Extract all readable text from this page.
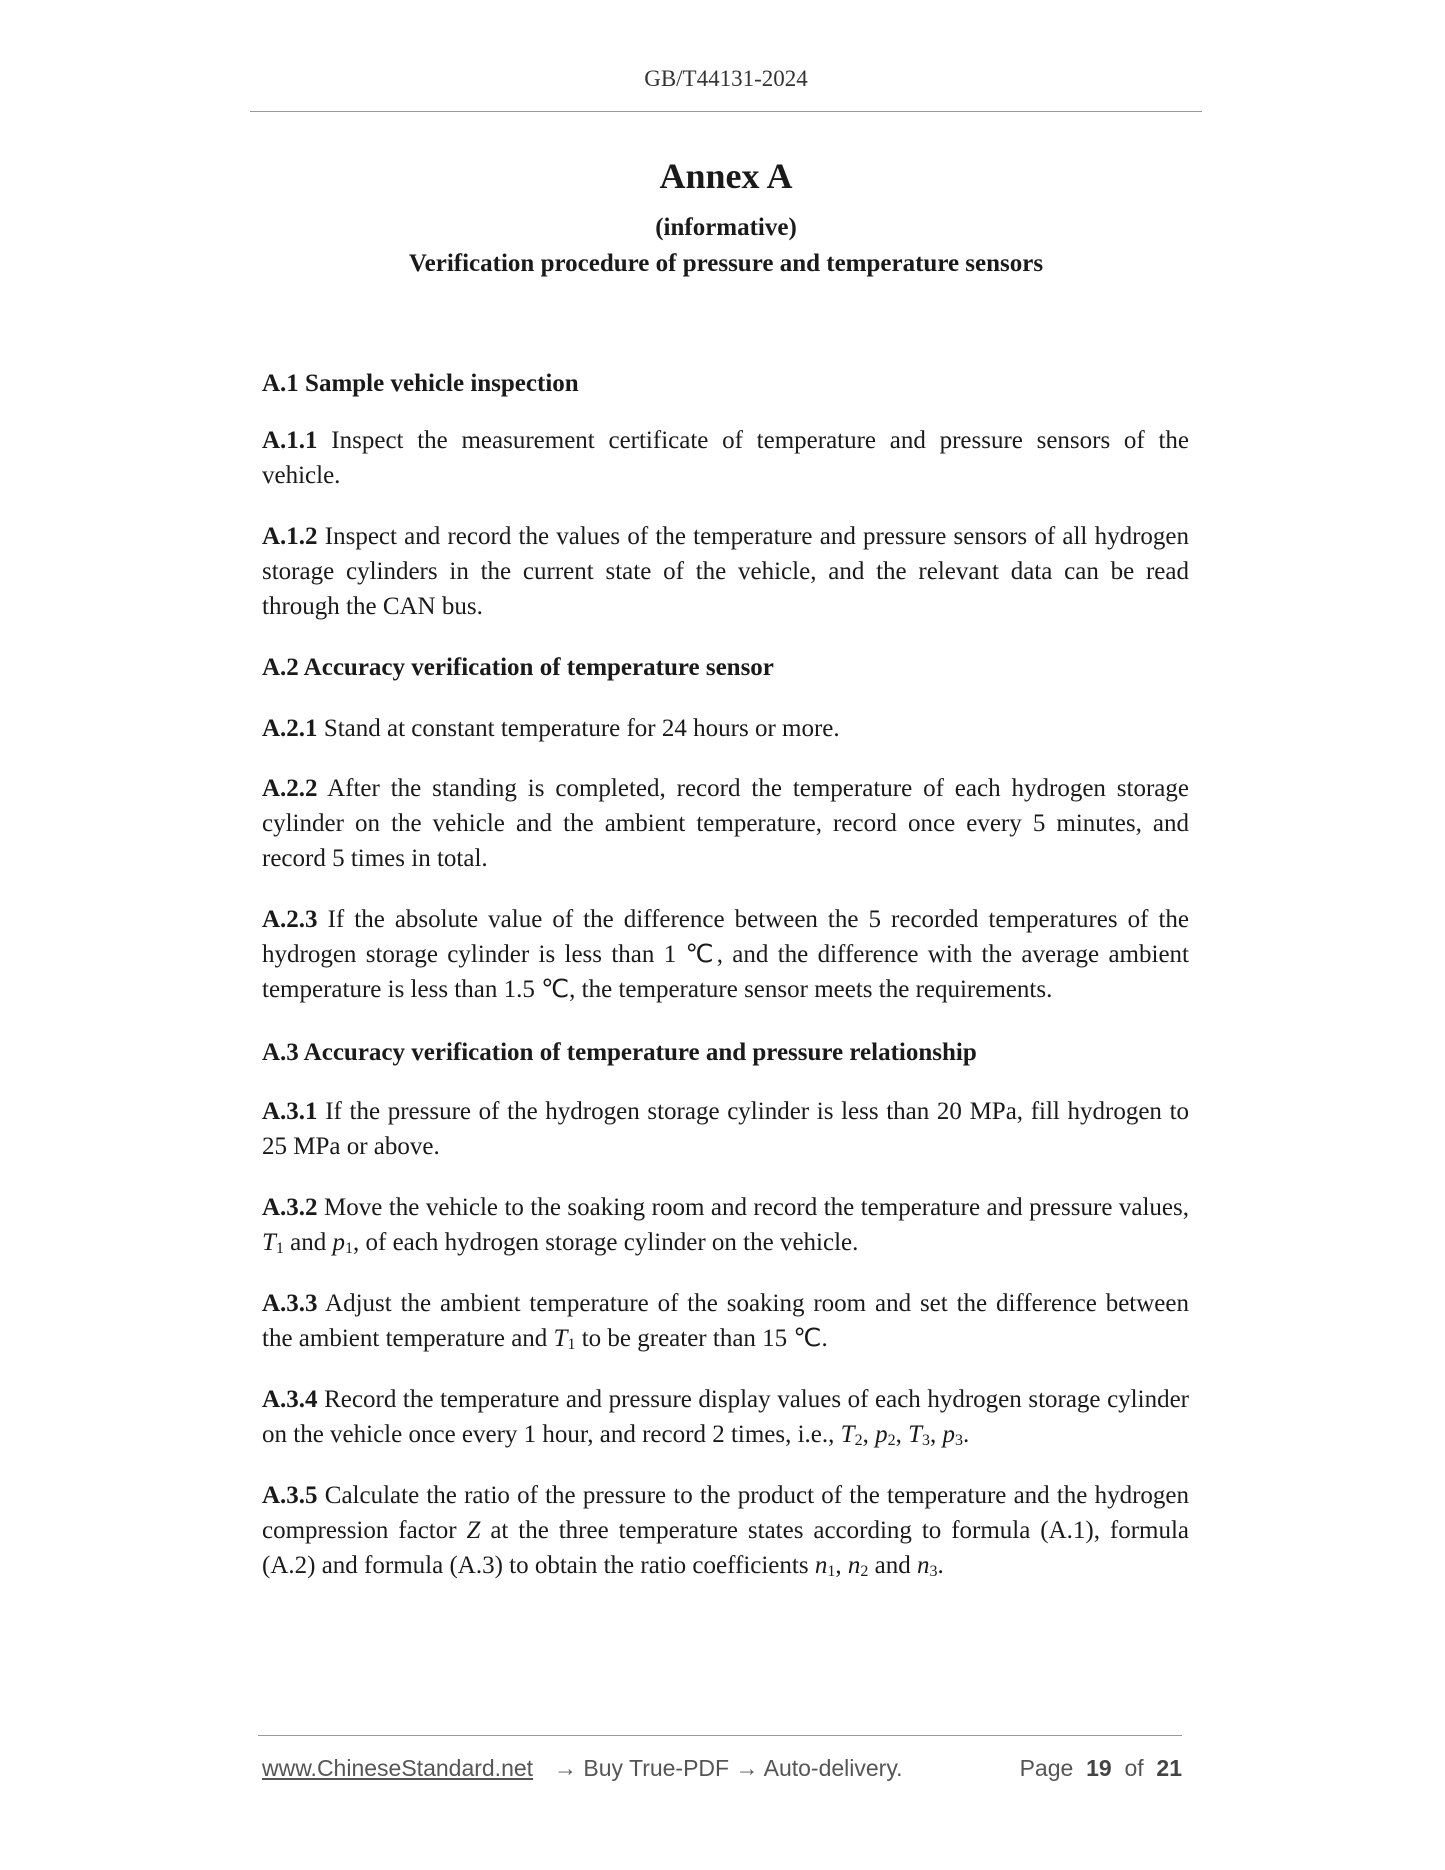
GB/T44131-2024
Annex A
(informative)
Verification procedure of pressure and temperature sensors

A.1 Sample vehicle inspection

A.1.1 Inspect the measurement certificate of temperature and pressure sensors of the vehicle.

A.1.2 Inspect and record the values of the temperature and pressure sensors of all hydrogen storage cylinders in the current state of the vehicle, and the relevant data can be read through the CAN bus.

A.2 Accuracy verification of temperature sensor

A.2.1 Stand at constant temperature for 24 hours or more.

A.2.2 After the standing is completed, record the temperature of each hydrogen storage cylinder on the vehicle and the ambient temperature, record once every 5 minutes, and record 5 times in total.

A.2.3 If the absolute value of the difference between the 5 recorded temperatures of the hydrogen storage cylinder is less than 1 ℃, and the difference with the average ambient temperature is less than 1.5 ℃, the temperature sensor meets the requirements.

A.3 Accuracy verification of temperature and pressure relationship

A.3.1 If the pressure of the hydrogen storage cylinder is less than 20 MPa, fill hydrogen to 25 MPa or above.

A.3.2 Move the vehicle to the soaking room and record the temperature and pressure values, $T_1$ and $p_1$, of each hydrogen storage cylinder on the vehicle.

A.3.3 Adjust the ambient temperature of the soaking room and set the difference between the ambient temperature and $T_1$ to be greater than 15 ℃.

A.3.4 Record the temperature and pressure display values of each hydrogen storage cylinder on the vehicle once every 1 hour, and record 2 times, i.e., $T_2$, $p_2$, $T_3$, $p_3$.

A.3.5 Calculate the ratio of the pressure to the product of the temperature and the hydrogen compression factor Z at the three temperature states according to formula (A.1), formula (A.2) and formula (A.3) to obtain the ratio coefficients $n_1$, $n_2$ and $n_3$.

www.ChineseStandard.net → Buy True-PDF → Auto-delivery.	Page 19 of 21
